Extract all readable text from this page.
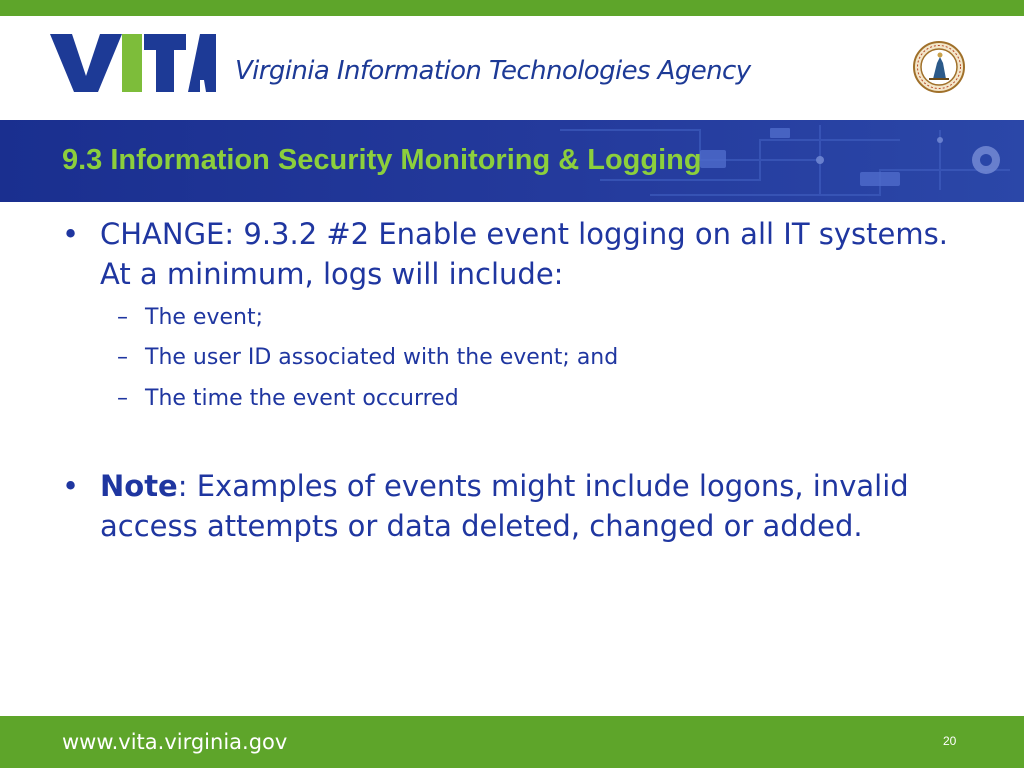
Virginia Information Technologies Agency
9.3 Information Security Monitoring & Logging
• CHANGE: 9.3.2 #2 Enable event logging on all IT systems. At a minimum, logs will include:
– The event;
– The user ID associated with the event; and
– The time the event occurred
• Note: Examples of events might include logons, invalid access attempts or data deleted, changed or added.
www.vita.virginia.gov	20
